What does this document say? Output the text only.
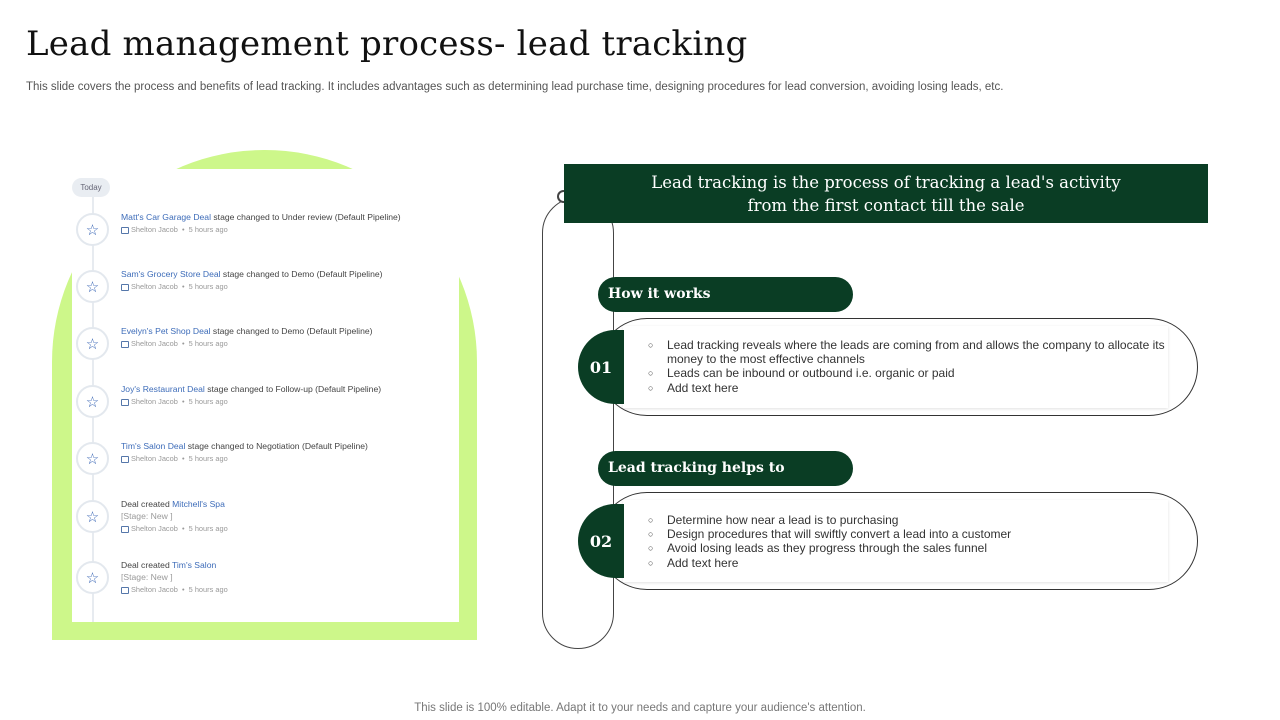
Lead management process- lead tracking
This slide covers the process and benefits of lead tracking. It includes advantages such as determining lead purchase time, designing procedures for lead conversion, avoiding losing leads, etc.
Today
☆
Matt's Car Garage Deal stage changed to Under review (Default Pipeline)
Shelton Jacob  •  5 hours ago
☆
Sam's Grocery Store Deal stage changed to Demo (Default Pipeline)
Shelton Jacob  •  5 hours ago
☆
Evelyn's Pet Shop Deal stage changed to Demo (Default Pipeline)
Shelton Jacob  •  5 hours ago
☆
Joy's Restaurant Deal stage changed to Follow-up (Default Pipeline)
Shelton Jacob  •  5 hours ago
☆
Tim's Salon Deal stage changed to Negotiation (Default Pipeline)
Shelton Jacob  •  5 hours ago
☆
Deal created Mitchell's Spa
[Stage: New ]
Shelton Jacob  •  5 hours ago
☆
Deal created Tim's Salon
[Stage: New ]
Shelton Jacob  •  5 hours ago
Lead tracking is the process of tracking a lead's activity
from the first contact till the sale
How it works
01
○ Lead tracking reveals where the leads are coming from and allows the company to allocate its money to the most effective channels
○ Leads can be inbound or outbound i.e. organic or paid
○ Add text here
Lead tracking helps to
02
○ Determine how near a lead is to purchasing
○ Design procedures that will swiftly convert a lead into a customer
○ Avoid losing leads as they progress through the sales funnel
○ Add text here
This slide is 100% editable. Adapt it to your needs and capture your audience's attention.
